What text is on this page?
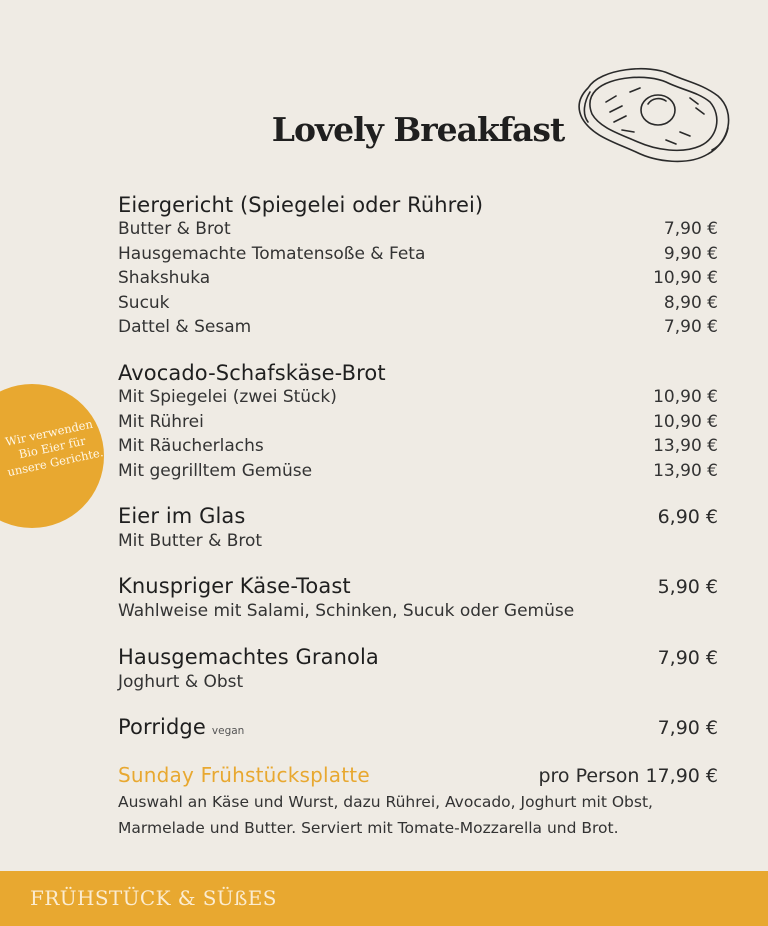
Lovely Breakfast
Wir verwenden Bio Eier für unsere Gerichte.
Eiergericht (Spiegelei oder Rührei)
Butter & Brot	7,90 €
Hausgemachte Tomatensoße & Feta	9,90 €
Shakshuka	10,90 €
Sucuk	8,90 €
Dattel & Sesam	7,90 €
Avocado-Schafskäse-Brot
Mit Spiegelei (zwei Stück)	10,90 €
Mit Rührei	10,90 €
Mit Räucherlachs	13,90 €
Mit gegrilltem Gemüse	13,90 €
Eier im Glas	6,90 €
Mit Butter & Brot
Knuspriger Käse-Toast	5,90 €
Wahlweise mit Salami, Schinken, Sucuk oder Gemüse
Hausgemachtes Granola	7,90 €
Joghurt & Obst
Porridge vegan	7,90 €
Sunday Frühstücksplatte	pro Person 17,90 €
Auswahl an Käse und Wurst, dazu Rührei, Avocado, Joghurt mit Obst, Marmelade und Butter. Serviert mit Tomate-Mozzarella und Brot.
FRÜHSTÜCK & SÜßES
